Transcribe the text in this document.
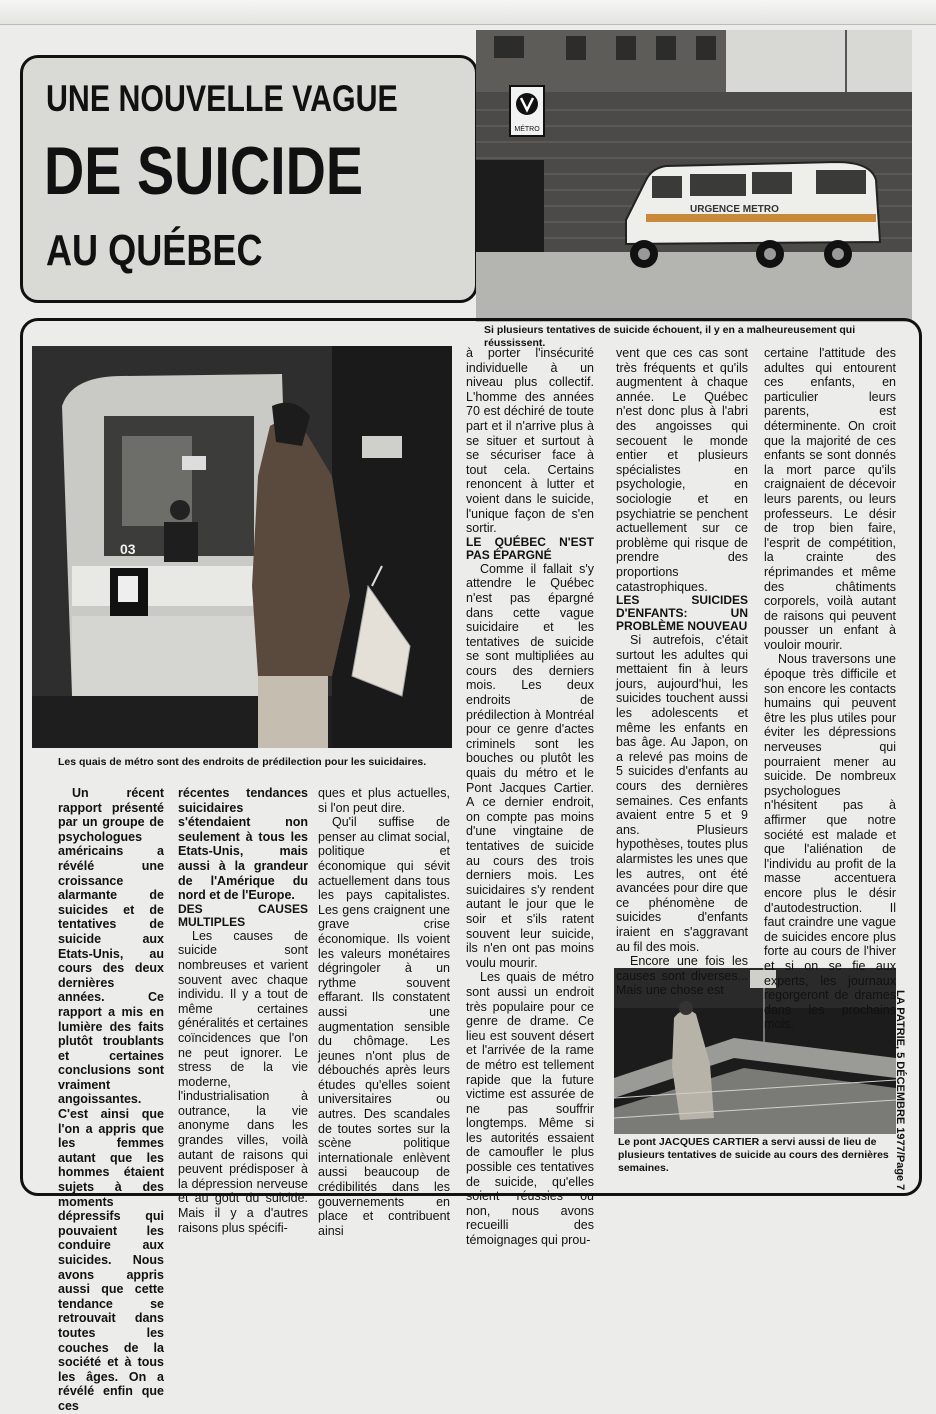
UNE NOUVELLE VAGUE
DE SUICIDE
AU QUÉBEC
MÉTRO
URGENCE METRO
Si plusieurs tentatives de suicide échouent, il y en a malheureusement qui réussissent.
03
Les quais de métro sont des endroits de prédilection pour les suicidaires.
Le pont JACQUES CARTIER a servi aussi de lieu de plusieurs tentatives de suicide au cours des dernières semaines.

Un récent rapport présenté par un groupe de psychologues américains a révélé une croissance alarmante de suicides et de tentatives de suicide aux Etats-Unis, au cours des deux dernières années. Ce rapport a mis en lumière des faits plutôt troublants et certaines conclusions sont vraiment angoissantes. C'est ainsi que l'on a appris que les femmes autant que les hommes étaient sujets à des moments dépressifs qui pouvaient les conduire aux suicides. Nous avons appris aussi que cette tendance se retrouvait dans toutes les couches de la société et à tous les âges. On a révélé enfin que ces

récentes tendances suicidaires s'étendaient non seulement à tous les Etats-Unis, mais aussi à la grandeur de l'Amérique du nord et de l'Europe.

DES CAUSES MULTIPLES

Les causes de suicide sont nombreuses et varient souvent avec chaque individu. Il y a tout de même certaines généralités et certaines coïncidences que l'on ne peut ignorer. Le stress de la vie moderne, l'industrialisation à outrance, la vie anonyme dans les grandes villes, voilà autant de raisons qui peuvent prédisposer à la dépression nerveuse et au goût du suicide. Mais il y a d'autres raisons plus spécifi-

ques et plus actuelles, si l'on peut dire.

Qu'il suffise de penser au climat social, politique et économique qui sévit actuellement dans tous les pays capitalistes. Les gens craignent une grave crise économique. Ils voient les valeurs monétaires dégringoler à un rythme souvent effarant. Ils constatent aussi une augmentation sensible du chômage. Les jeunes n'ont plus de débouchés après leurs études qu'elles soient universitaires ou autres. Des scandales de toutes sortes sur la scène politique internationale enlèvent aussi beaucoup de crédibilités dans les gouvernements en place et contribuent ainsi

à porter l'insécurité individuelle à un niveau plus collectif. L'homme des années 70 est déchiré de toute part et il n'arrive plus à se situer et surtout à se sécuriser face à tout cela. Certains renoncent à lutter et voient dans le suicide, l'unique façon de s'en sortir.

LE QUÉBEC N'EST PAS ÉPARGNÉ

Comme il fallait s'y attendre le Québec n'est pas épargné dans cette vague suicidaire et les tentatives de suicide se sont multipliées au cours des derniers mois. Les deux endroits de prédilection à Montréal pour ce genre d'actes criminels sont les bouches ou plutôt les quais du métro et le Pont Jacques Cartier. A ce dernier endroit, on compte pas moins d'une vingtaine de tentatives de suicide au cours des trois derniers mois. Les suicidaires s'y rendent autant le jour que le soir et s'ils ratent souvent leur suicide, ils n'en ont pas moins voulu mourir.

Les quais de métro sont aussi un endroit très populaire pour ce genre de drame. Ce lieu est souvent désert et l'arrivée de la rame de métro est tellement rapide que la future victime est assurée de ne pas souffrir longtemps. Même si les autorités essaient de camoufler le plus possible ces tentatives de suicide, qu'elles soient réussies ou non, nous avons recueilli des témoignages qui prou-

vent que ces cas sont très fréquents et qu'ils augmentent à chaque année. Le Québec n'est donc plus à l'abri des angoisses qui secouent le monde entier et plusieurs spécialistes en psychologie, en sociologie et en psychiatrie se penchent actuellement sur ce problème qui risque de prendre des proportions catastrophiques.

LES SUICIDES D'ENFANTS: UN PROBLÈME NOUVEAU

Si autrefois, c'était surtout les adultes qui mettaient fin à leurs jours, aujourd'hui, les suicides touchent aussi les adolescents et même les enfants en bas âge. Au Japon, on a relevé pas moins de 5 suicides d'enfants au cours des dernières semaines. Ces enfants avaient entre 5 et 9 ans. Plusieurs hypothèses, toutes plus alarmistes les unes que les autres, ont été avancées pour dire que ce phénomène de suicides d'enfants iraient en s'aggravant au fil des mois.

Encore une fois les causes sont diverses... Mais une chose est

certaine l'attitude des adultes qui entourent ces enfants, en particulier leurs parents, est déterminente. On croit que la majorité de ces enfants se sont donnés la mort parce qu'ils craignaient de décevoir leurs parents, ou leurs professeurs. Le désir de trop bien faire, l'esprit de compétition, la crainte des réprimandes et même des châtiments corporels, voilà autant de raisons qui peuvent pousser un enfant à vouloir mourir.

Nous traversons une époque très difficile et son encore les contacts humains qui peuvent être les plus utiles pour éviter les dépressions nerveuses qui pourraient mener au suicide. De nombreux psychologues n'hésitent pas à affirmer que notre société est malade et que l'aliénation de l'individu au profit de la masse accentuera encore plus le désir d'autodestruction. Il faut craindre une vague de suicides encore plus forte au cours de l'hiver et si on se fie aux experts, les journaux regorgeront de drames dans les prochains mois.	LA PATRIE, 5 DÉCEMBRE 1977/Page 7
